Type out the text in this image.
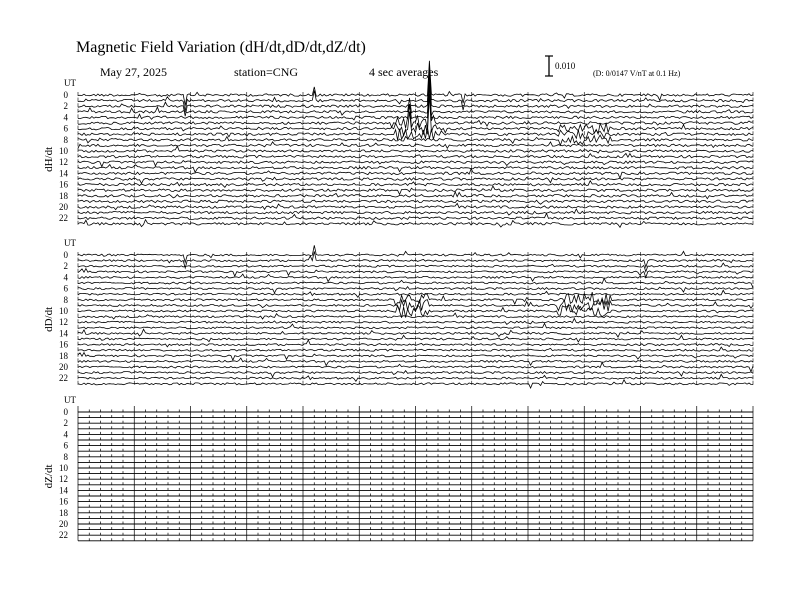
Magnetic Field Variation (dH/dt,dD/dt,dZ/dt)
May 27, 2025	station=CNG	4 sec averages	0.010
(D: 0/0147 V/nT at 0.1 Hz)
UT
dH/dt
0
2
4
6
8
10
12
14
16
18
20
22
UT
dD/dt
0
2
4
6
8
10
12
14
16
18
20
22
UT
dZ/dt
0
2
4
6
8
10
12
14
16
18
20
22
